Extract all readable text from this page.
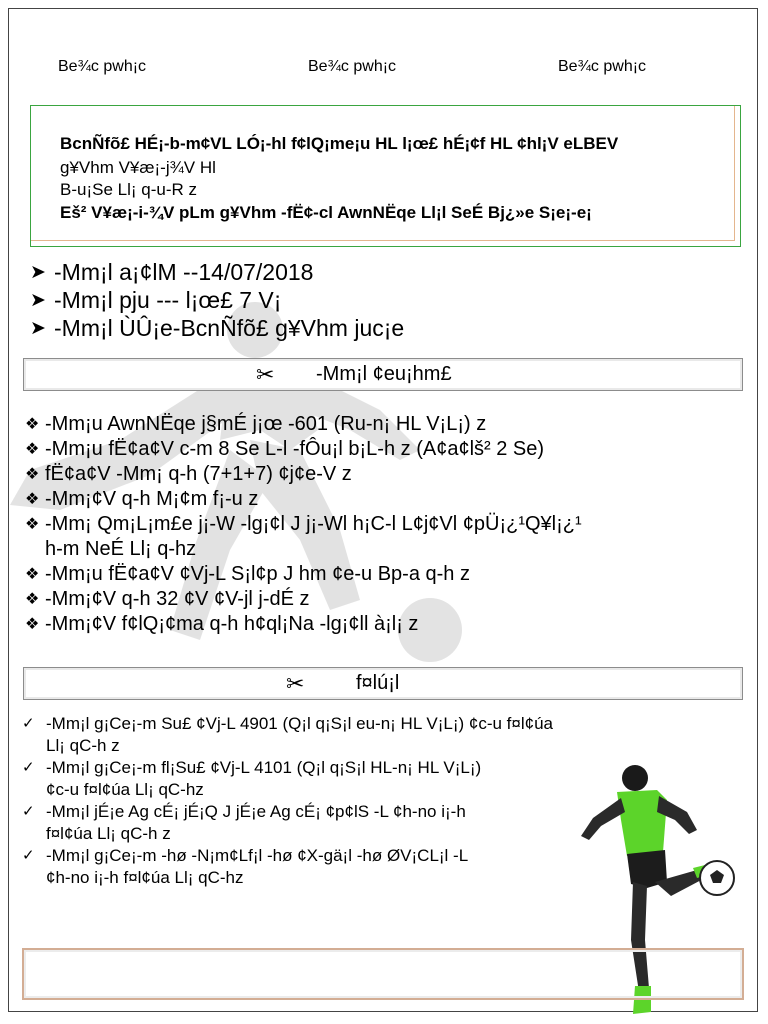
Be¾c pwh¡c	Be¾c pwh¡c	Be¾c pwh¡c
BcnÑfõ£ HÉ¡-b-m¢VL LÓ¡-hl f¢lQ¡me¡u HL l¡œ£ hÉ¡¢f HL ¢hl¡V eLBEV
g¥Vhm V¥æ¡-j¾V Hl
B-u¡Se Ll¡ q-u-R z
Eš² V¥æ¡-i-¾V pLm g¥Vhm -fË¢-cl AwnNËqe Ll¡l SeÉ Bj¿»e S¡e¡-e¡
➤ -Mm¡l a¡¢lM --14/07/2018
➤ -Mm¡l pju --- l¡œ£ 7 V¡
➤ -Mm¡l ÙÛ¡e-BcnÑfõ£ g¥Vhm juc¡e
✂ -Mm¡l ¢eu¡hm£
❖ -Mm¡u AwnNËqe j§mÉ j¡œ -601 (Ru-n¡ HL V¡L¡) z
❖ -Mm¡u fË¢a¢V c-m 8 Se L-l -fÔu¡l b¡L-h z (A¢a¢lš² 2 Se)
❖ fË¢a¢V -Mm¡ q-h (7+1+7) ¢j¢e-V z
❖ -Mm¡¢V q-h M¡¢m f¡-u z
❖ -Mm¡ Qm¡L¡m£e j¡-W -lg¡¢l J j¡-Wl h¡C-l L¢j¢Vl ¢pÜ¡¿¹Q¥l¡¿¹
h-m NeÉ Ll¡ q-hz
❖ -Mm¡u fË¢a¢V ¢Vj-L S¡l¢p J hm ¢e-u Bp-a q-h z
❖ -Mm¡¢V q-h 32 ¢V ¢V-jl j-dÉ z
❖ -Mm¡¢V f¢lQ¡¢ma q-h h¢ql¡Na -lg¡¢ll à¡l¡ z
✂	f¤lú¡l
✓ -Mm¡l g¡Ce¡-m Su£ ¢Vj-L 4901 (Q¡l q¡S¡l eu-n¡ HL V¡L¡) ¢c-u f¤l¢úa
Ll¡ qC-h z
✓ -Mm¡l g¡Ce¡-m fl¡Su£ ¢Vj-L 4101 (Q¡l q¡S¡l HL-n¡ HL V¡L¡)
¢c-u f¤l¢úa Ll¡ qC-hz
✓ -Mm¡l jÉ¡e Ag cÉ¡ jÉ¡Q J jÉ¡e Ag cÉ¡ ¢p¢lS -L ¢h-no i¡-h
f¤l¢úa Ll¡ qC-h z
✓ -Mm¡l g¡Ce¡-m -hø -N¡m¢Lf¡l -hø ¢X-gä¡l -hø ØV¡CL¡l -L
¢h-no i¡-h f¤l¢úa Ll¡ qC-hz
